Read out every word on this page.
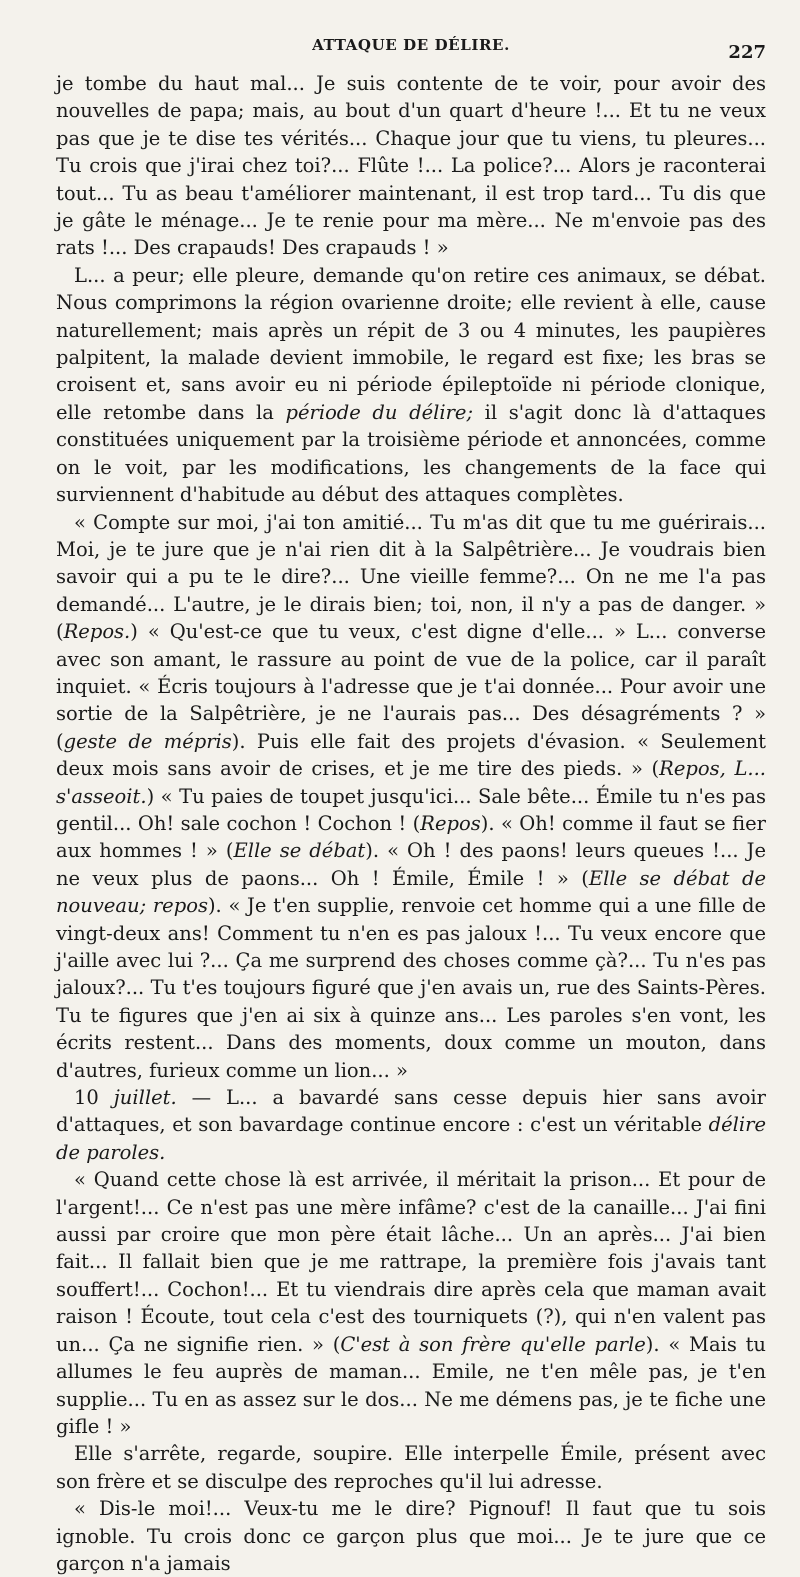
ATTAQUE DE DÉLIRE.	227

je tombe du haut mal... Je suis contente de te voir, pour avoir des nouvelles de papa; mais, au bout d'un quart d'heure !... Et tu ne veux pas que je te dise tes vérités... Chaque jour que tu viens, tu pleures... Tu crois que j'irai chez toi?... Flûte !... La police?... Alors je raconterai tout... Tu as beau t'améliorer maintenant, il est trop tard... Tu dis que je gâte le ménage... Je te renie pour ma mère... Ne m'envoie pas des rats !... Des crapauds! Des crapauds ! »

L... a peur; elle pleure, demande qu'on retire ces animaux, se débat. Nous comprimons la région ovarienne droite; elle revient à elle, cause naturellement; mais après un répit de 3 ou 4 minutes, les paupières palpitent, la malade devient immobile, le regard est fixe; les bras se croisent et, sans avoir eu ni période épileptoïde ni période clonique, elle retombe dans la période du délire; il s'agit donc là d'attaques constituées uniquement par la troisième période et annoncées, comme on le voit, par les modifications, les changements de la face qui surviennent d'habitude au début des attaques complètes.

« Compte sur moi, j'ai ton amitié... Tu m'as dit que tu me guérirais... Moi, je te jure que je n'ai rien dit à la Salpêtrière... Je voudrais bien savoir qui a pu te le dire?... Une vieille femme?... On ne me l'a pas demandé... L'autre, je le dirais bien; toi, non, il n'y a pas de danger. » (Repos.) « Qu'est-ce que tu veux, c'est digne d'elle... » L... converse avec son amant, le rassure au point de vue de la police, car il paraît inquiet. « Écris toujours à l'adresse que je t'ai donnée... Pour avoir une sortie de la Salpêtrière, je ne l'aurais pas... Des désagréments ? » (geste de mépris). Puis elle fait des projets d'évasion. « Seulement deux mois sans avoir de crises, et je me tire des pieds. » (Repos, L... s'asseoit.) « Tu paies de toupet jusqu'ici... Sale bête... Émile tu n'es pas gentil... Oh! sale cochon ! Cochon ! (Repos). « Oh! comme il faut se fier aux hommes ! » (Elle se débat). « Oh ! des paons! leurs queues !... Je ne veux plus de paons... Oh ! Émile, Émile ! » (Elle se débat de nouveau; repos). « Je t'en supplie, renvoie cet homme qui a une fille de vingt-deux ans! Comment tu n'en es pas jaloux !... Tu veux encore que j'aille avec lui ?... Ça me surprend des choses comme çà?... Tu n'es pas jaloux?... Tu t'es toujours figuré que j'en avais un, rue des Saints-Pères. Tu te figures que j'en ai six à quinze ans... Les paroles s'en vont, les écrits restent... Dans des moments, doux comme un mouton, dans d'autres, furieux comme un lion... »

10 juillet. — L... a bavardé sans cesse depuis hier sans avoir d'attaques, et son bavardage continue encore : c'est un véritable délire de paroles.

« Quand cette chose là est arrivée, il méritait la prison... Et pour de l'argent!... Ce n'est pas une mère infâme? c'est de la canaille... J'ai fini aussi par croire que mon père était lâche... Un an après... J'ai bien fait... Il fallait bien que je me rattrape, la première fois j'avais tant souffert!... Cochon!... Et tu viendrais dire après cela que maman avait raison ! Écoute, tout cela c'est des tourniquets (?), qui n'en valent pas un... Ça ne signifie rien. » (C'est à son frère qu'elle parle). « Mais tu allumes le feu auprès de maman... Emile, ne t'en mêle pas, je t'en supplie... Tu en as assez sur le dos... Ne me démens pas, je te fiche une gifle ! »

Elle s'arrête, regarde, soupire. Elle interpelle Émile, présent avec son frère et se disculpe des reproches qu'il lui adresse.

« Dis-le moi!... Veux-tu me le dire? Pignouf! Il faut que tu sois ignoble. Tu crois donc ce garçon plus que moi... Je te jure que ce garçon n'a jamais
